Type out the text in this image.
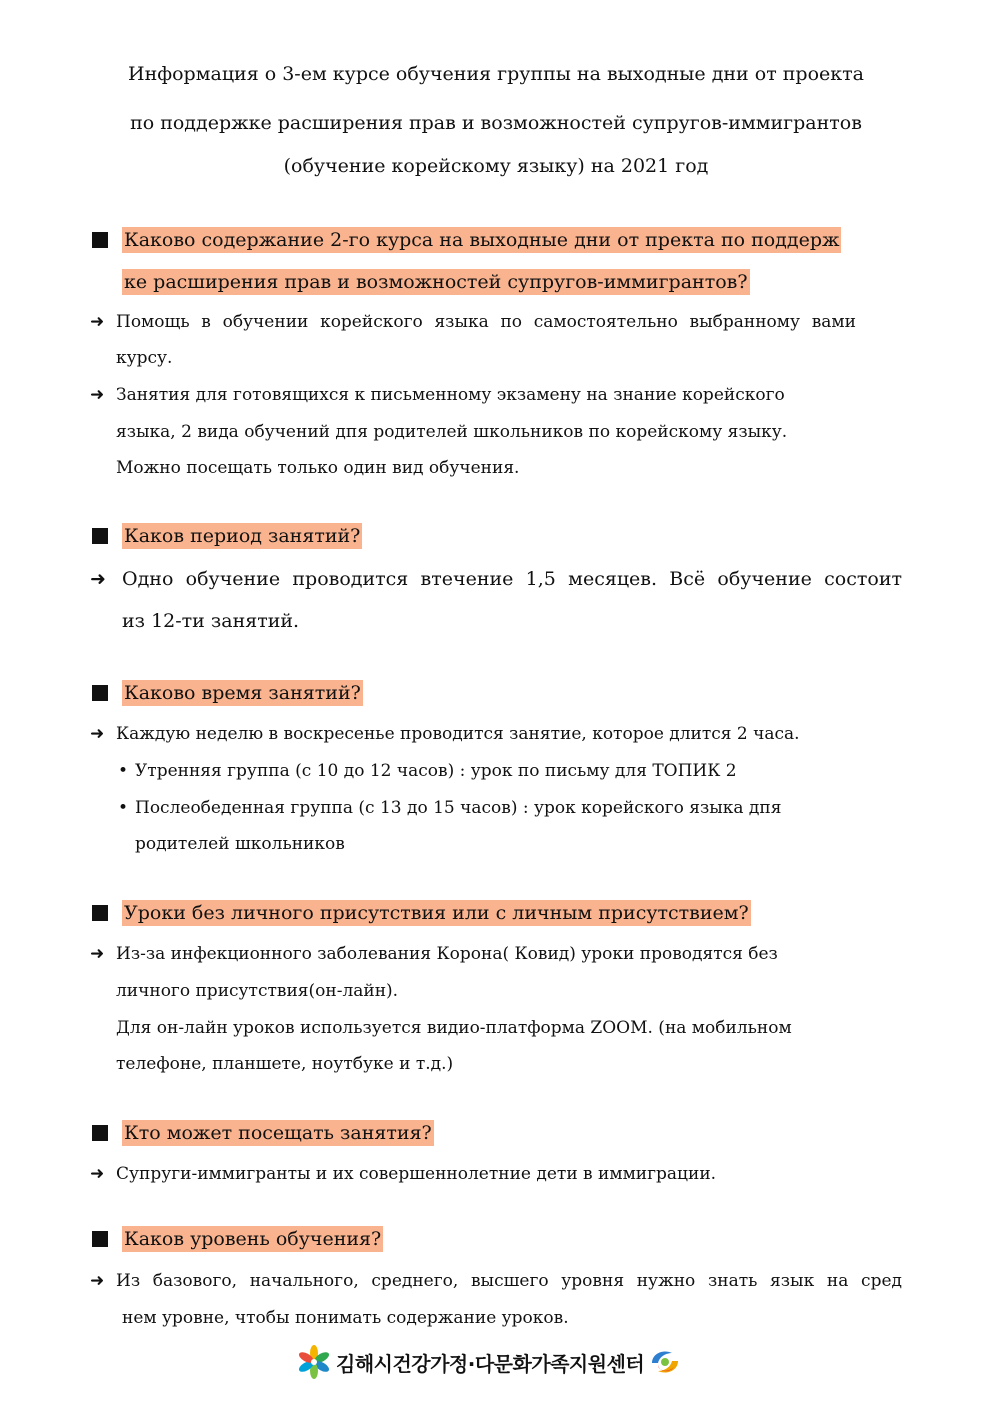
Информация о 3-ем курсе обучения группы на выходные дни от проекта
по поддержке расширения прав и возможностей супругов-иммигрантов
(обучение корейскому языку) на 2021 год
Каково содержание 2-го курса на выходные дни от пректа по поддерж
ке расширения прав и возможностей супругов-иммигрантов?
➜ Помощь в обучении корейского языка по самостоятельно выбранному вами
курсу.
➜ Занятия для готовящихся к письменному экзамену на знание корейского
языка, 2 вида обучений дпя родителей школьников по корейскому языку.
Можно посещать только один вид обучения.
Каков период занятий?
➜ Одно обучение проводится втечение 1,5 месяцев. Всё обучение состоит
из 12-ти занятий.
Каково время занятий?
➜ Каждую неделю в воскресенье проводится занятие, которое длится 2 часа.
• Утренняя группа (с 10 до 12 часов) : урок по письму для ТОПИК 2
• Послеобеденная группа (с 13 до 15 часов) : урок корейского языка дпя
родителей школьников
Уроки без личного присутствия или с личным присутствием?
➜ Из-за инфекционного заболевания Корона( Ковид) уроки проводятся без
личного присутствия(он-лайн).
Для он-лайн уроков используется видио-платформа ZOOM. (на мобильном
телефоне, планшете, ноутбуке и т.д.)
Кто может посещать занятия?
➜ Супруги-иммигранты и их совершеннолетние дети в иммиграции.
Каков уровень обучения?
➜ Из базового, начального, среднего, высшего уровня нужно знать язык на сред
нем уровне, чтобы понимать содержание уроков.
김해시건강가정·다문화가족지원센터
